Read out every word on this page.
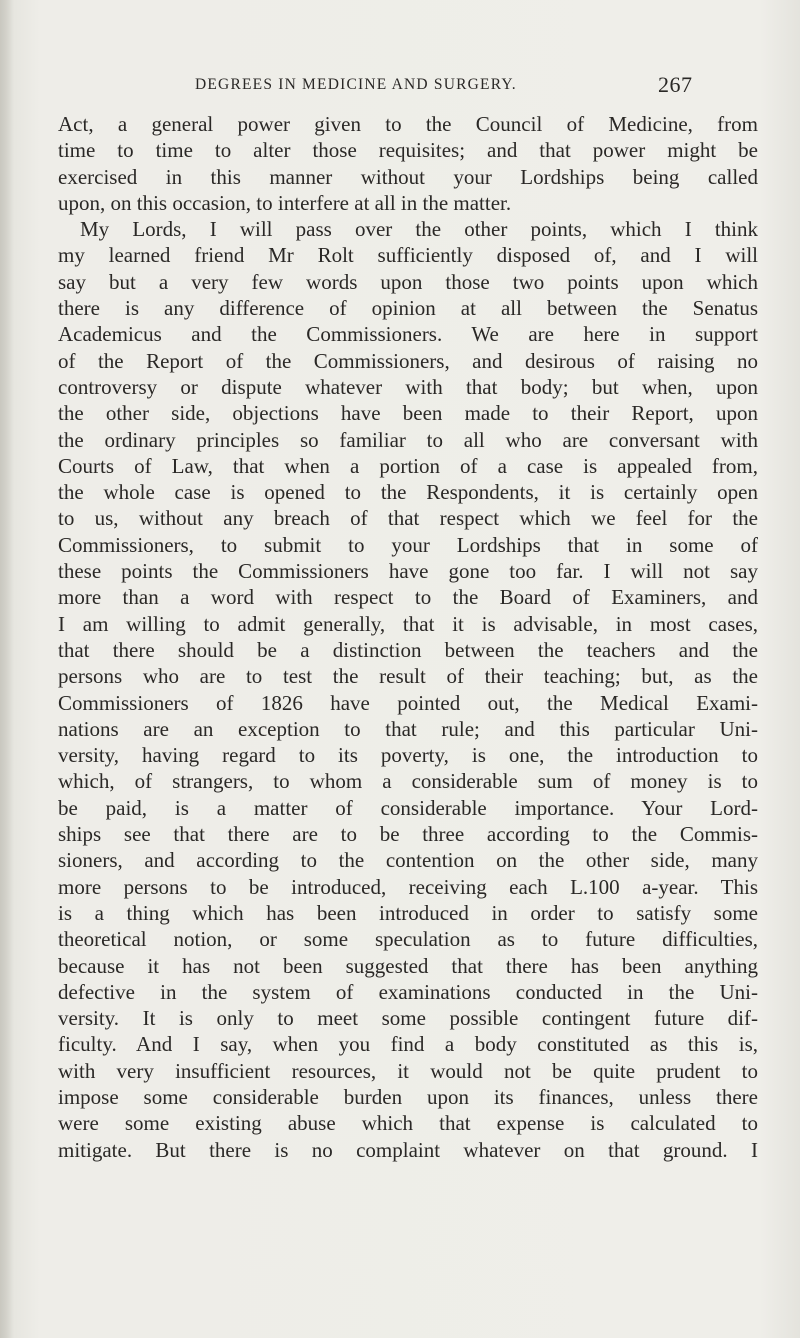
DEGREES IN MEDICINE AND SURGERY.	267
Act, a general power given to the Council of Medicine, from
time to time to alter those requisites; and that power might be
exercised in this manner without your Lordships being called
upon, on this occasion, to interfere at all in the matter.
My Lords, I will pass over the other points, which I think
my learned friend Mr Rolt sufficiently disposed of, and I will
say but a very few words upon those two points upon which
there is any difference of opinion at all between the Senatus
Academicus and the Commissioners. We are here in support
of the Report of the Commissioners, and desirous of raising no
controversy or dispute whatever with that body; but when, upon
the other side, objections have been made to their Report, upon
the ordinary principles so familiar to all who are conversant with
Courts of Law, that when a portion of a case is appealed from,
the whole case is opened to the Respondents, it is certainly open
to us, without any breach of that respect which we feel for the
Commissioners, to submit to your Lordships that in some of
these points the Commissioners have gone too far. I will not say
more than a word with respect to the Board of Examiners, and
I am willing to admit generally, that it is advisable, in most cases,
that there should be a distinction between the teachers and the
persons who are to test the result of their teaching; but, as the
Commissioners of 1826 have pointed out, the Medical Exami-
nations are an exception to that rule; and this particular Uni-
versity, having regard to its poverty, is one, the introduction to
which, of strangers, to whom a considerable sum of money is to
be paid, is a matter of considerable importance. Your Lord-
ships see that there are to be three according to the Commis-
sioners, and according to the contention on the other side, many
more persons to be introduced, receiving each L.100 a-year. This
is a thing which has been introduced in order to satisfy some
theoretical notion, or some speculation as to future difficulties,
because it has not been suggested that there has been anything
defective in the system of examinations conducted in the Uni-
versity. It is only to meet some possible contingent future dif-
ficulty. And I say, when you find a body constituted as this is,
with very insufficient resources, it would not be quite prudent to
impose some considerable burden upon its finances, unless there
were some existing abuse which that expense is calculated to
mitigate. But there is no complaint whatever on that ground. I
